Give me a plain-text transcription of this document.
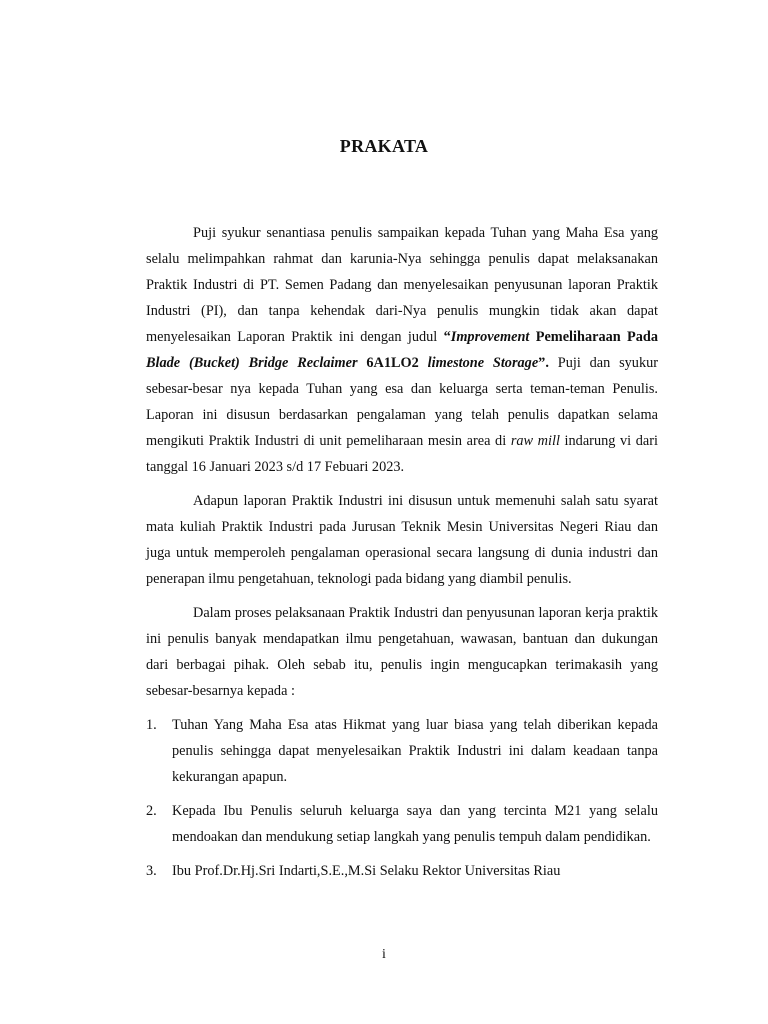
PRAKATA

Puji syukur senantiasa penulis sampaikan kepada Tuhan yang Maha Esa yang selalu melimpahkan rahmat dan karunia-Nya sehingga penulis dapat melaksanakan Praktik Industri di PT. Semen Padang dan menyelesaikan penyusunan laporan Praktik Industri (PI), dan tanpa kehendak dari-Nya penulis mungkin tidak akan dapat menyelesaikan Laporan Praktik ini dengan judul “Improvement Pemeliharaan Pada Blade (Bucket) Bridge Reclaimer 6A1LO2 limestone Storage”. Puji dan syukur sebesar-besar nya kepada Tuhan yang esa dan keluarga serta teman-teman Penulis. Laporan ini disusun berdasarkan pengalaman yang telah penulis dapatkan selama mengikuti Praktik Industri di unit pemeliharaan mesin area di raw mill indarung vi dari tanggal 16 Januari 2023 s/d 17 Febuari 2023.

Adapun laporan Praktik Industri ini disusun untuk memenuhi salah satu syarat mata kuliah Praktik Industri pada Jurusan Teknik Mesin Universitas Negeri Riau dan juga untuk memperoleh pengalaman operasional secara langsung di dunia industri dan penerapan ilmu pengetahuan, teknologi pada bidang yang diambil penulis.

Dalam proses pelaksanaan Praktik Industri dan penyusunan laporan kerja praktik ini penulis banyak mendapatkan ilmu pengetahuan, wawasan, bantuan dan dukungan dari berbagai pihak. Oleh sebab itu, penulis ingin mengucapkan terimakasih yang sebesar-besarnya kepada :

1. Tuhan Yang Maha Esa atas Hikmat yang luar biasa yang telah diberikan kepada penulis sehingga dapat menyelesaikan Praktik Industri ini dalam keadaan tanpa kekurangan apapun.
2. Kepada Ibu Penulis seluruh keluarga saya dan yang tercinta M21 yang selalu mendoakan dan mendukung setiap langkah yang penulis tempuh dalam pendidikan.
3. Ibu Prof.Dr.Hj.Sri Indarti,S.E.,M.Si Selaku Rektor Universitas Riau
i
